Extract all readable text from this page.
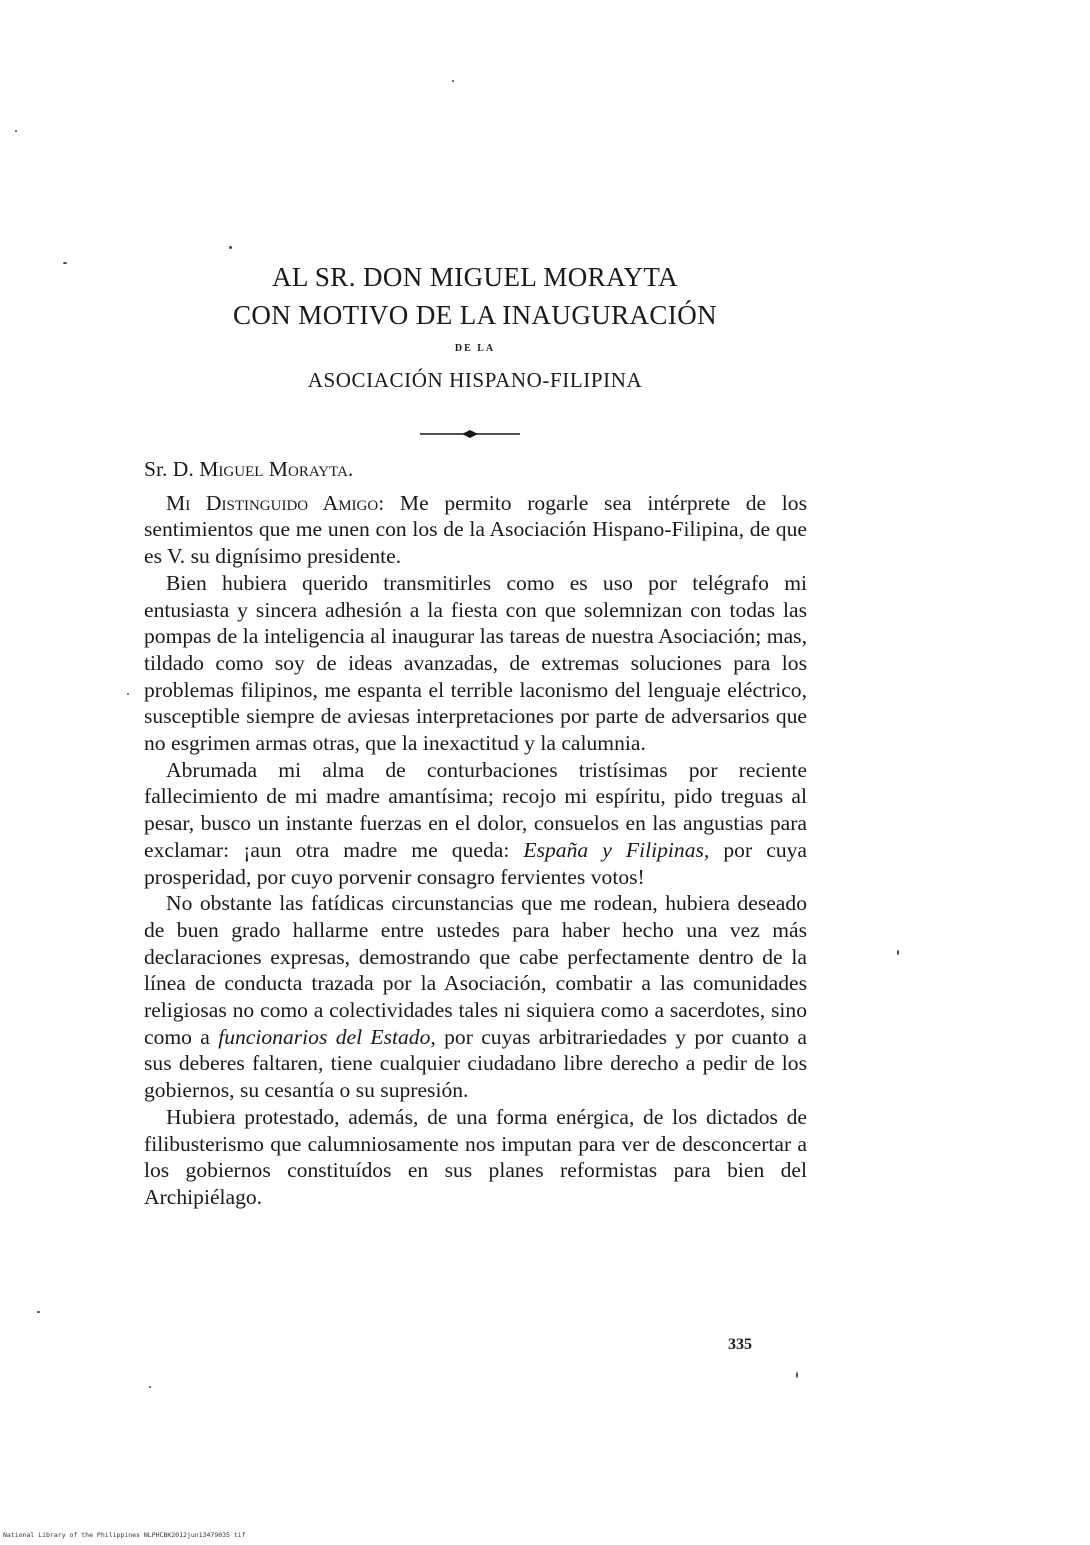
AL SR. DON MIGUEL MORAYTA
CON MOTIVO DE LA INAUGURACIÓN
DE LA
ASOCIACIÓN HISPANO-FILIPINA

Sr. D. Miguel Morayta.

Mi Distinguido Amigo: Me permito rogarle sea intérprete de los sentimientos que me unen con los de la Asociación Hispano-Filipina, de que es V. su dignísimo presidente.

Bien hubiera querido transmitirles como es uso por telégrafo mi entusiasta y sincera adhesión a la fiesta con que solemnizan con todas las pompas de la inteligencia al inaugurar las tareas de nuestra Asociación; mas, tildado como soy de ideas avanzadas, de extremas soluciones para los problemas filipinos, me espanta el terrible laconismo del lenguaje eléctrico, susceptible siempre de aviesas interpretaciones por parte de adversarios que no esgrimen armas otras, que la inexactitud y la calumnia.

Abrumada mi alma de conturbaciones tristísimas por reciente fallecimiento de mi madre amantísima; recojo mi espíritu, pido treguas al pesar, busco un instante fuerzas en el dolor, consuelos en las angustias para exclamar: ¡aun otra madre me queda: España y Filipinas, por cuya prosperidad, por cuyo porvenir consagro fervientes votos!

No obstante las fatídicas circunstancias que me rodean, hubiera deseado de buen grado hallarme entre ustedes para haber hecho una vez más declaraciones expresas, demostrando que cabe perfectamente dentro de la línea de conducta trazada por la Asociación, combatir a las comunidades religiosas no como a colectividades tales ni siquiera como a sacerdotes, sino como a funcionarios del Estado, por cuyas arbitrariedades y por cuanto a sus deberes faltaren, tiene cualquier ciudadano libre derecho a pedir de los gobiernos, su cesantía o su supresión.

Hubiera protestado, además, de una forma enérgica, de los dictados de filibusterismo que calumniosamente nos imputan para ver de desconcertar a los gobiernos constituídos en sus planes reformistas para bien del Archipiélago.

335
National Library of the Philippines NLPHCBK2012jun13479035 tif
